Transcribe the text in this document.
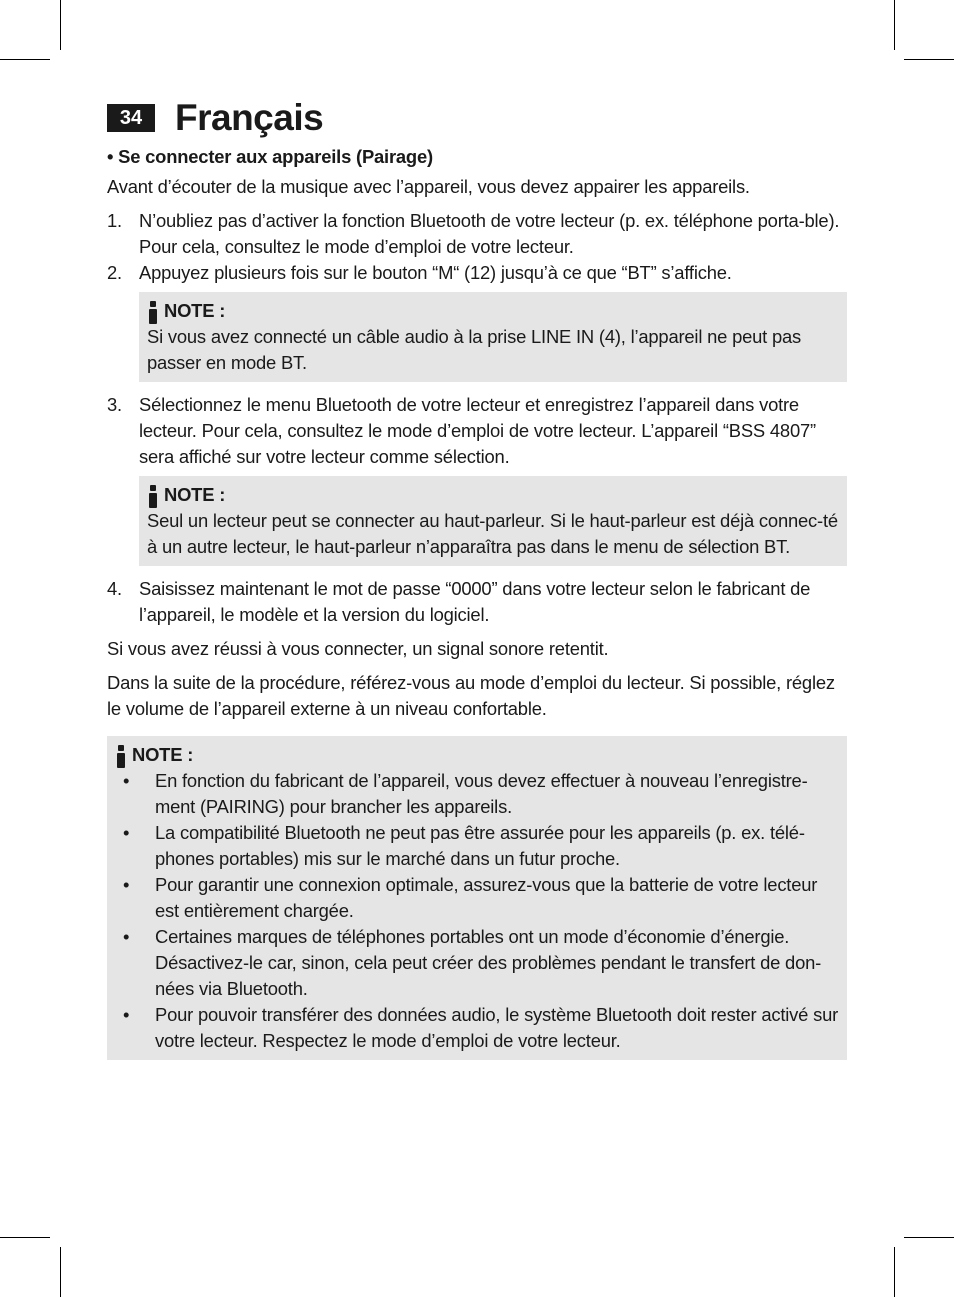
34 Français
• Se connecter aux appareils (Pairage)

Avant d’écouter de la musique avec l’appareil, vous devez appairer les appareils.

1. N’oubliez pas d’activer la fonction Bluetooth de votre lecteur (p. ex. téléphone porta-ble). Pour cela, consultez le mode d’emploi de votre lecteur.
2. Appuyez plusieurs fois sur le bouton “M“ (12) jusqu’à ce que “BT” s’affiche.
NOTE :

Si vous avez connecté un câble audio à la prise LINE IN (4), l’appareil ne peut pas passer en mode BT.

3. Sélectionnez le menu Bluetooth de votre lecteur et enregistrez l’appareil dans votre lecteur. Pour cela, consultez le mode d’emploi de votre lecteur. L’appareil “BSS 4807” sera affiché sur votre lecteur comme sélection.
NOTE :

Seul un lecteur peut se connecter au haut-parleur. Si le haut-parleur est déjà connec-té à un autre lecteur, le haut-parleur n’apparaîtra pas dans le menu de sélection BT.

4. Saisissez maintenant le mot de passe “0000” dans votre lecteur selon le fabricant de l’appareil, le modèle et la version du logiciel.

Si vous avez réussi à vous connecter, un signal sonore retentit.

Dans la suite de la procédure, référez-vous au mode d’emploi du lecteur. Si possible, réglez le volume de l’appareil externe à un niveau confortable.

NOTE :
•	En fonction du fabricant de l’appareil, vous devez effectuer à nouveau l’enregistre-ment (PAIRING) pour brancher les appareils.
•	La compatibilité Bluetooth ne peut pas être assurée pour les appareils (p. ex. télé-phones portables) mis sur le marché dans un futur proche.
•	Pour garantir une connexion optimale, assurez-vous que la batterie de votre lecteur est entièrement chargée.
•	Certaines marques de téléphones portables ont un mode d’économie d’énergie. Désactivez-le car, sinon, cela peut créer des problèmes pendant le transfert de don-nées via Bluetooth.
•	Pour pouvoir transférer des données audio, le système Bluetooth doit rester activé sur votre lecteur. Respectez le mode d’emploi de votre lecteur.
